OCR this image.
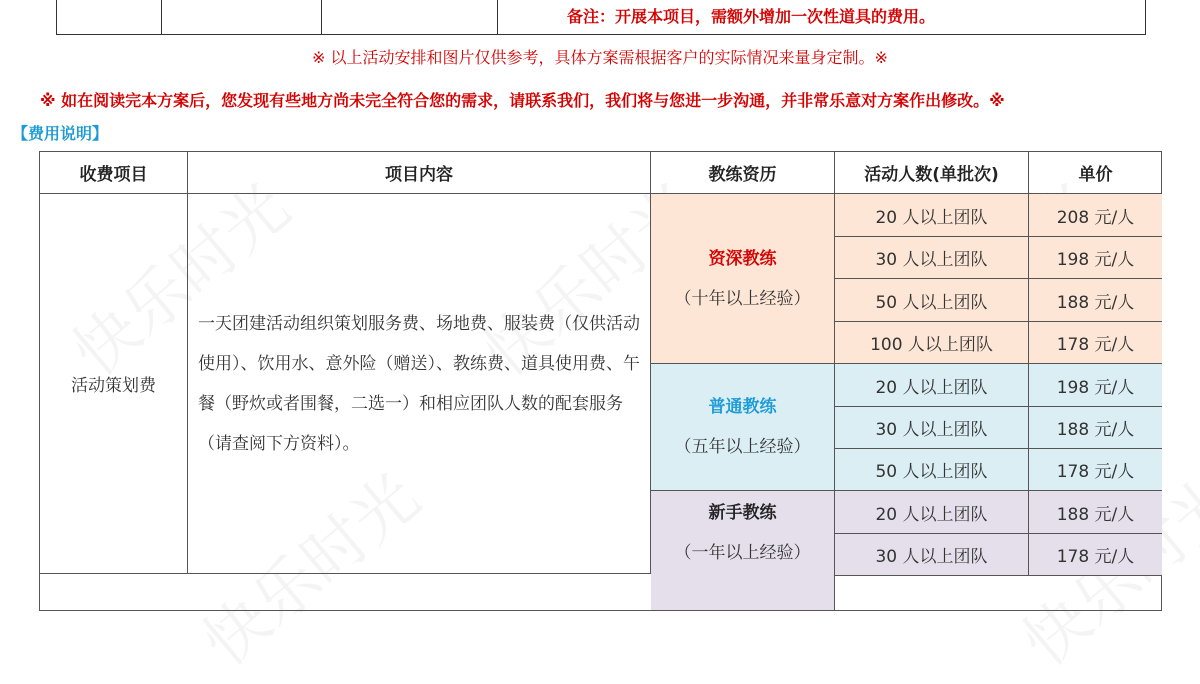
备注：开展本项目，需额外增加一次性道具的费用。
※ 以上活动安排和图片仅供参考，具体方案需根据客户的实际情况来量身定制。※
※ 如在阅读完本方案后，您发现有些地方尚未完全符合您的需求，请联系我们，我们将与您进一步沟通，并非常乐意对方案作出修改。※
【费用说明】
收费项目	项目内容	教练资历	活动人数(单批次)	单价
活动策划费
一天团建活动组织策划服务费、场地费、服装费（仅供活动使用）、饮用水、意外险（赠送）、教练费、道具使用费、午餐（野炊或者围餐，二选一）和相应团队人数的配套服务（请查阅下方资料）。
资深教练
（十年以上经验）
20 人以上团队	208 元/人
30 人以上团队	198 元/人
50 人以上团队	188 元/人
100 人以上团队	178 元/人
普通教练
（五年以上经验）
20 人以上团队	198 元/人
30 人以上团队	188 元/人
50 人以上团队	178 元/人
新手教练
（一年以上经验）
20 人以上团队	188 元/人
30 人以上团队	178 元/人
